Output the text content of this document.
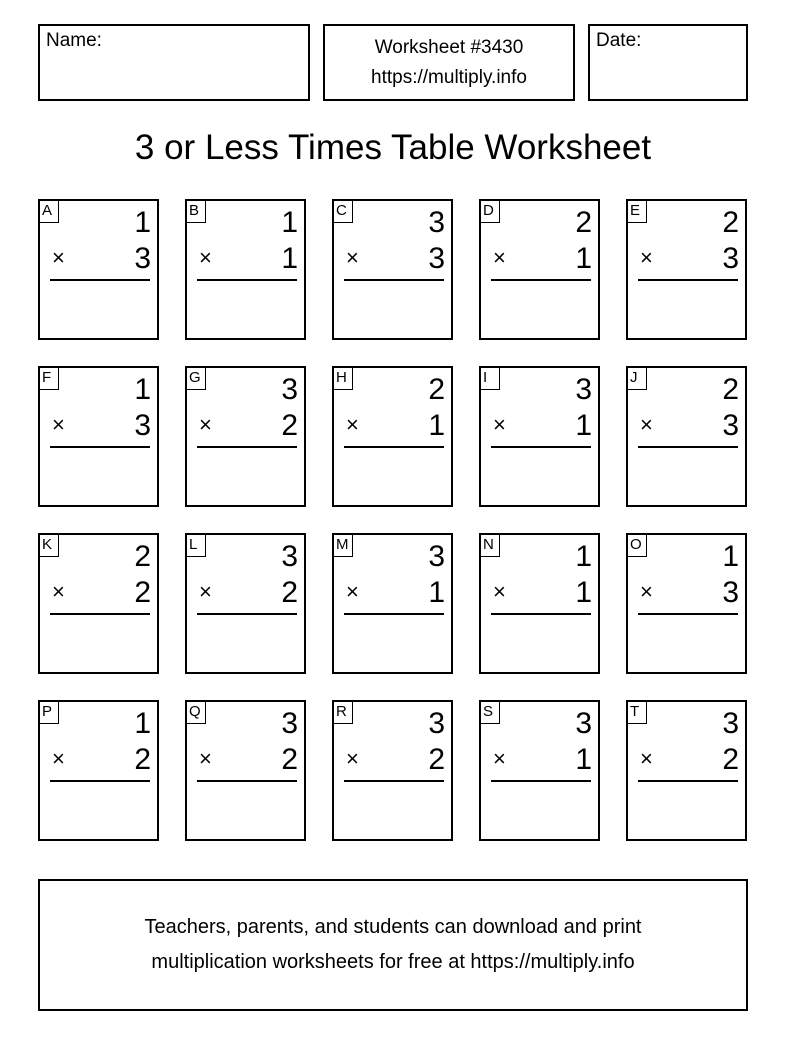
Name:	Worksheet #3430
https://multiply.info
Date:
3 or Less Times Table Worksheet
A	1
× 3
B	1
× 1
C	3
× 3
D	2
× 1
E	2
× 3
F	1
× 3
G	3
× 2
H	2
× 1
I	3
× 1
J	2
× 3
K	2
× 2
L	3
× 2
M	3
× 1
N	1
× 1
O	1
× 3
P	1
× 2
Q	3
× 2
R	3
× 2
S	3
× 1
T	3
× 2
Teachers, parents, and students can download and print
multiplication worksheets for free at https://multiply.info
